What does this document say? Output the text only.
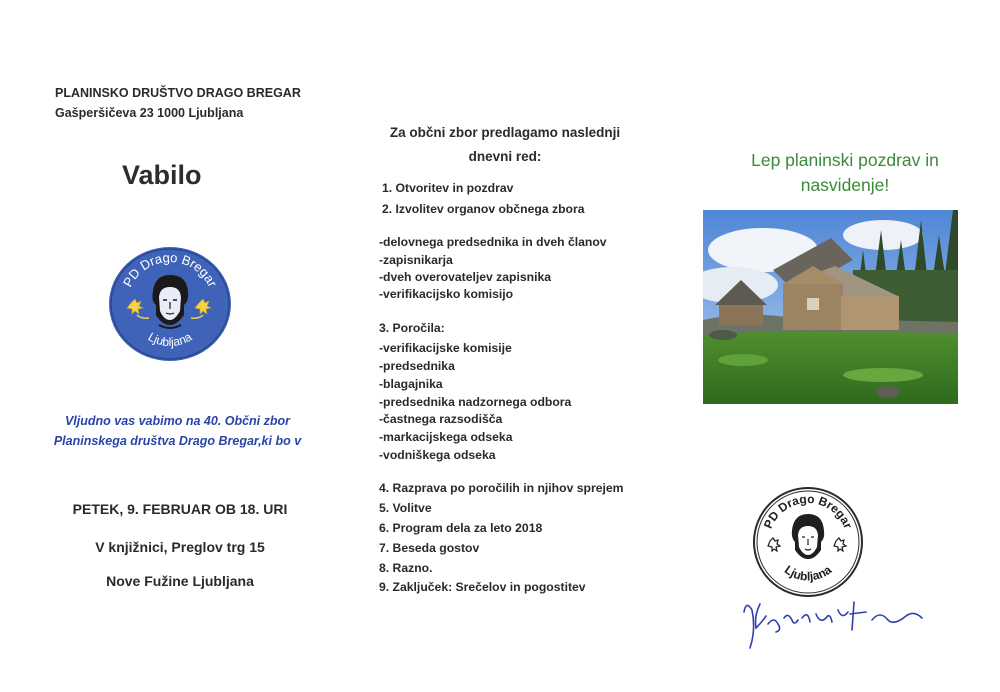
PLANINSKO DRUŠTVO DRAGO BREGAR
Gašperšičeva 23 1000 Ljubljana
Vabilo
PD Drago Bregar
Ljubljana
Vljudno vas vabimo na 40. Občni zbor
Planinskega društva Drago Bregar,ki bo v
PETEK, 9. FEBRUAR OB 18. URI
V knjižnici, Preglov trg 15
Nove Fužine Ljubljana
Za občni zbor predlagamo naslednji
dnevni red:
1. Otvoritev in pozdrav
2. Izvolitev organov občnega zbora
-delovnega predsednika in dveh članov
-zapisnikarja
-dveh overovateljev zapisnika
-verifikacijsko komisijo
3. Poročila:
-verifikacijske komisije
-predsednika
-blagajnika
-predsednika nadzornega odbora
-častnega razsodišča
-markacijskega odseka
-vodniškega odseka
4. Razprava po poročilih in njihov sprejem
5. Volitve
6. Program dela za leto 2018
7. Beseda gostov
8. Razno.
9. Zaključek: Srečelov in pogostitev
Lep planinski pozdrav in
nasvidenje!
PD Drago Bregar
Ljubljana
Yeterušta
